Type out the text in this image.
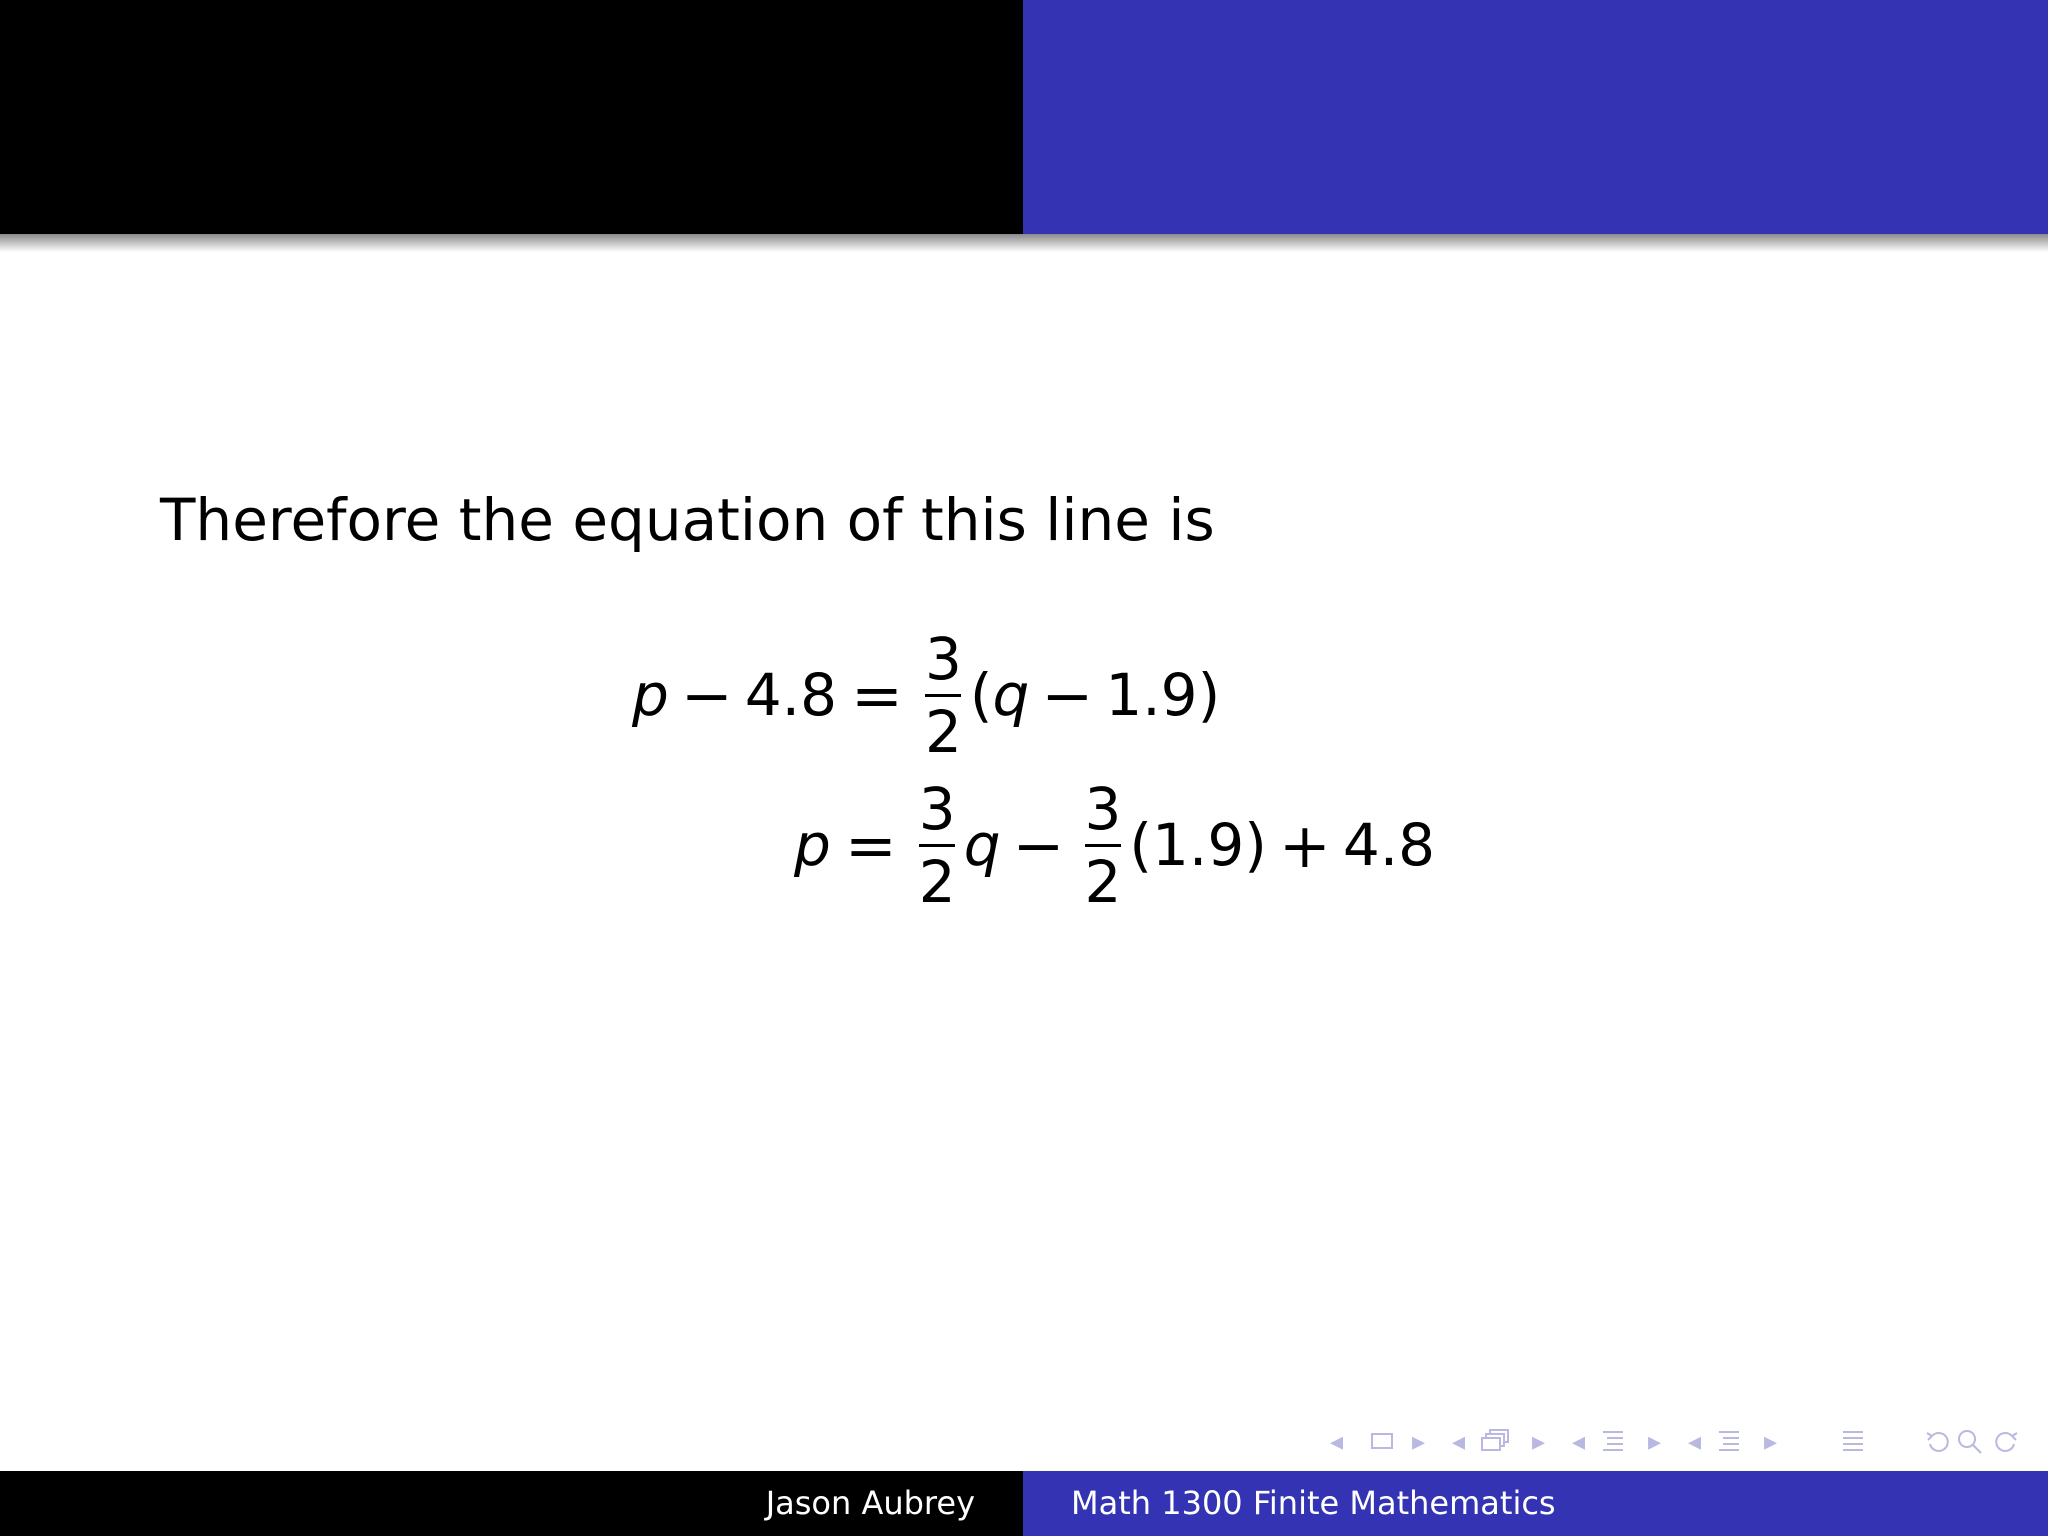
Therefore the equation of this line is

$p - 4.8 = \frac{3}{2}$ ( q − 1.9 )
$p = \frac{3}{2}$ $q - \frac{3}{2} (1.9) + 4.8$
◂	▸ ◂	▸ ◂ ▸ ◂ ▸
Jason Aubrey	Math 1300 Finite Mathematics
